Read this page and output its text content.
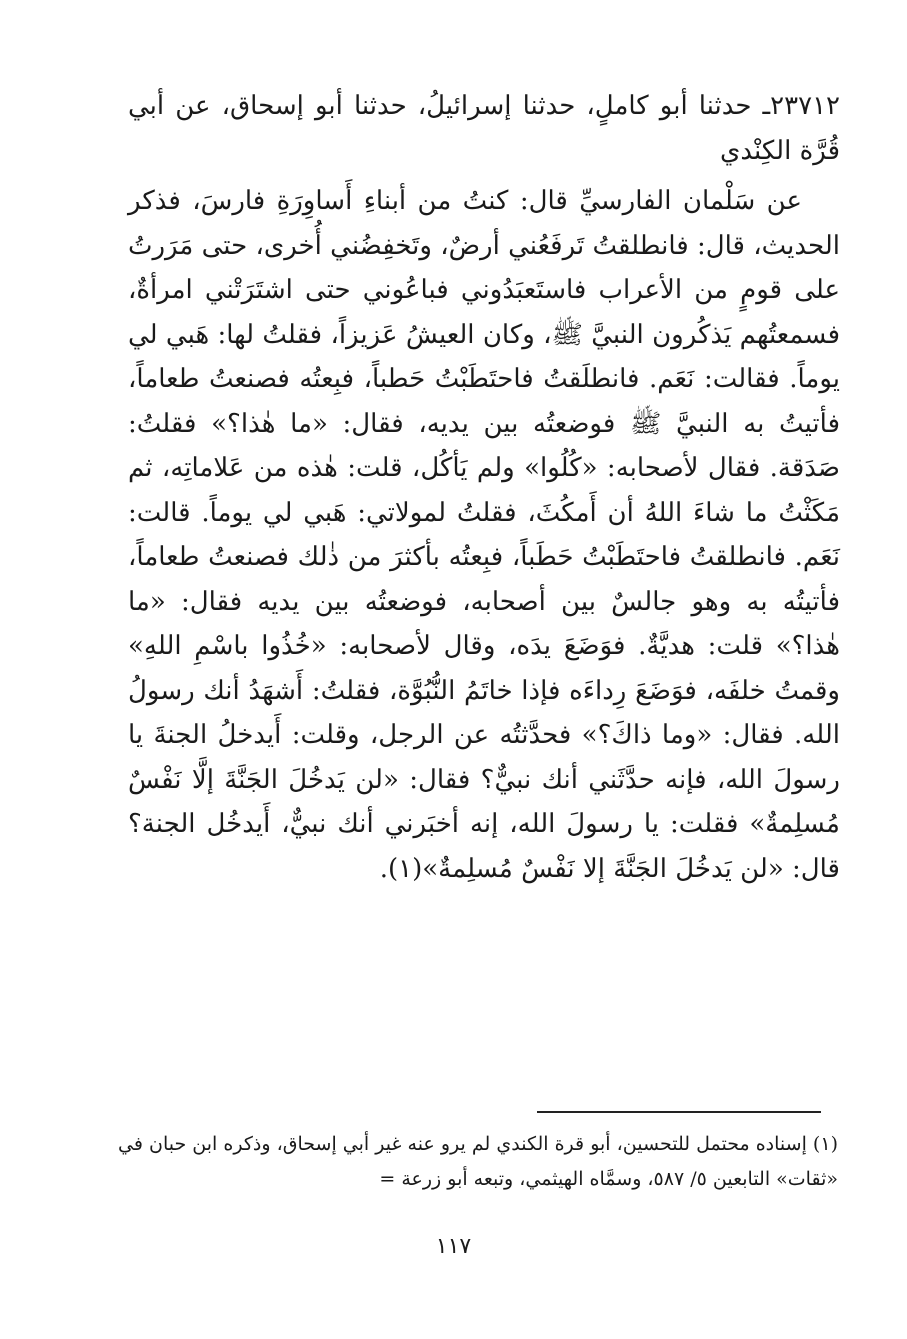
٢٣٧١٢ـ حدثنا أبو كاملٍ، حدثنا إسرائيلُ، حدثنا أبو إسحاق، عن أبي قُرَّة الكِنْدي

عن سَلْمان الفارسيِّ قال: كنتُ من أبناءِ أَساوِرَةِ فارسَ، فذكر الحديث، قال: فانطلقتُ تَرفَعُني أرضٌ، وتَخفِضُني أُخرى، حتى مَرَرتُ على قومٍ من الأعراب فاستَعبَدُوني فباعُوني حتى اشتَرَتْني امرأةٌ، فسمعتُهم يَذكُرون النبيَّ ﷺ، وكان العيشُ عَزيزاً، فقلتُ لها: هَبي لي يوماً. فقالت: نَعَم. فانطلَقتُ فاحتَطَبْتُ حَطباً، فبِعتُه فصنعتُ طعاماً، فأتيتُ به النبيَّ ﷺ فوضعتُه بين يديه، فقال: «ما هٰذا؟» فقلتُ: صَدَقة. فقال لأصحابه: «كُلُوا» ولم يَأكُل، قلت: هٰذه من عَلاماتِه، ثم مَكَثْتُ ما شاءَ اللهُ أن أَمكُثَ، فقلتُ لمولاتي: هَبي لي يوماً. قالت: نَعَم. فانطلقتُ فاحتَطَبْتُ حَطَباً، فبِعتُه بأكثرَ من ذٰلك فصنعتُ طعاماً، فأتيتُه به وهو جالسٌ بين أصحابه، فوضعتُه بين يديه فقال: «ما هٰذا؟» قلت: هديَّةٌ. فوَضَعَ يدَه، وقال لأصحابه: «خُذُوا باسْمِ اللهِ» وقمتُ خلفَه، فوَضَعَ رِداءَه فإذا خاتَمُ النُّبُوَّة، فقلتُ: أَشهَدُ أنك رسولُ الله. فقال: «وما ذاكَ؟» فحدَّثتُه عن الرجل، وقلت: أَيدخلُ الجنةَ يا رسولَ الله، فإنه حدَّثَني أنك نبيٌّ؟ فقال: «لن يَدخُلَ الجَنَّةَ إلَّا نَفْسٌ مُسلِمةٌ» فقلت: يا رسولَ الله، إنه أخبَرني أنك نبيٌّ، أَيدخُل الجنة؟ قال: «لن يَدخُلَ الجَنَّةَ إلا نَفْسٌ مُسلِمةٌ»(١).

(١) إسناده محتمل للتحسين، أبو قرة الكندي لم يرو عنه غير أبي إسحاق، وذكره ابن حبان في «ثقات» التابعين ٥/ ٥٨٧، وسمَّاه الهيثمي، وتبعه أبو زرعة =

١١٧
